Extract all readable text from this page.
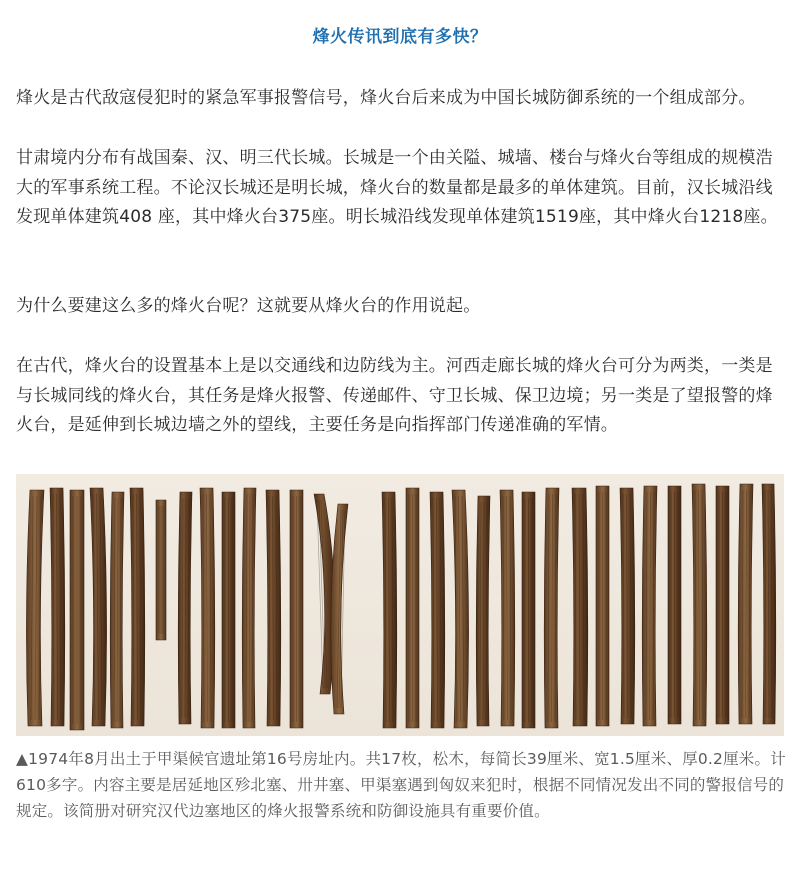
烽火传讯到底有多快？

烽火是古代敌寇侵犯时的紧急军事报警信号，烽火台后来成为中国长城防御系统的一个组成部分。

甘肃境内分布有战国秦、汉、明三代长城。长城是一个由关隘、城墙、楼台与烽火台等组成的规模浩大的军事系统工程。不论汉长城还是明长城，烽火台的数量都是最多的单体建筑。目前，汉长城沿线发现单体建筑408 座，其中烽火台375座。明长城沿线发现单体建筑1519座，其中烽火台1218座。

为什么要建这么多的烽火台呢？这就要从烽火台的作用说起。

在古代，烽火台的设置基本上是以交通线和边防线为主。河西走廊长城的烽火台可分为两类，一类是与长城同线的烽火台，其任务是烽火报警、传递邮件、守卫长城、保卫边境；另一类是了望报警的烽火台，是延伸到长城边墙之外的望线，主要任务是向指挥部门传递准确的军情。

▲1974年8月出土于甲渠候官遗址第16号房址内。共17枚，松木，每简长39厘米、宽1.5厘米、厚0.2厘米。计610多字。内容主要是居延地区殄北塞、卅井塞、甲渠塞遇到匈奴来犯时，根据不同情况发出不同的警报信号的规定。该简册对研究汉代边塞地区的烽火报警系统和防御设施具有重要价值。
